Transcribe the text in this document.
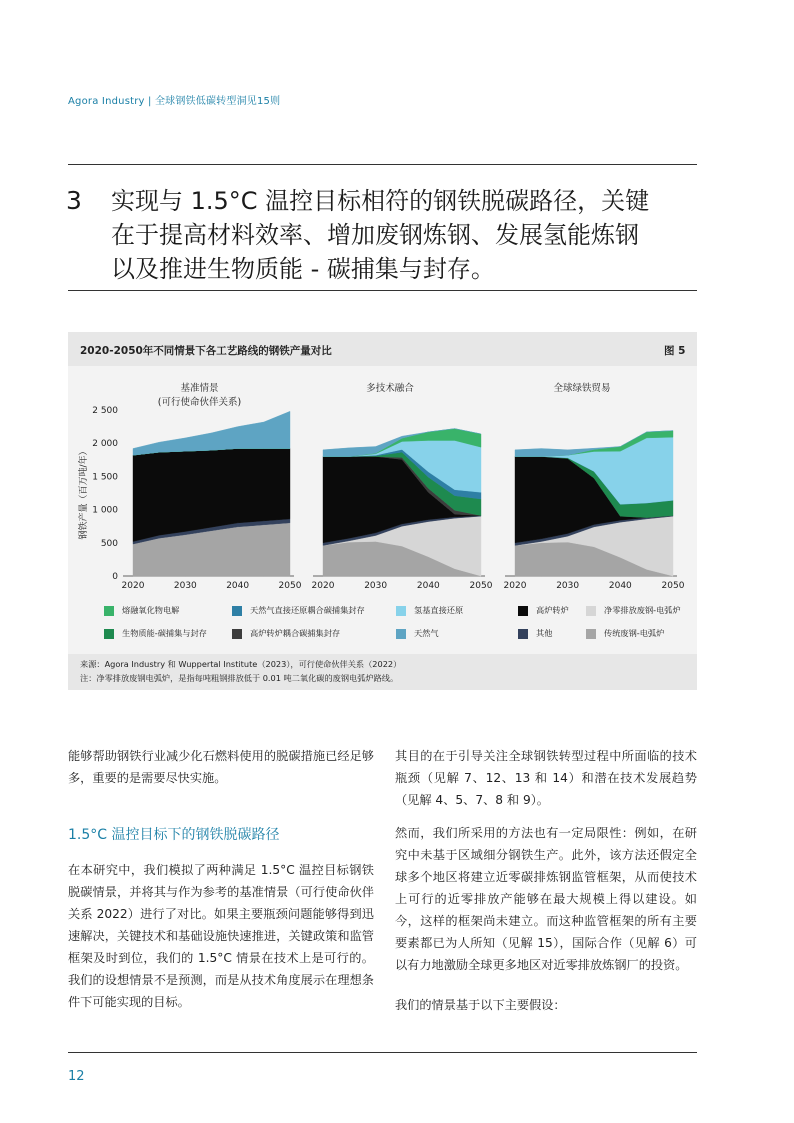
Agora Industry | 全球钢铁低碳转型洞见15则
3 实现与 1.5°C 温控目标相符的钢铁脱碳路径，关键
在于提高材料效率、增加废钢炼钢、发展氢能炼钢
以及推进生物质能 - 碳捕集与封存。
2020-2050年不同情景下各工艺路线的钢铁产量对比	图 5
钢铁产量（百万吨/年）
0
500
1 000
1 500
2 000
2 500
基准情景
(可行使命伙伴关系)
2020	2030	2040	2050
多技术融合
2020	2030	2040	2050
全球绿铁贸易
2020	2030	2040	2050
熔融氧化物电解	天然气直接还原耦合碳捕集封存	氢基直接还原	高炉转炉	净零排放废钢-电弧炉
生物质能-碳捕集与封存	高炉转炉耦合碳捕集封存	天然气	其他	传统废钢-电弧炉
来源：Agora Industry 和 Wuppertal Institute（2023），可行使命伙伴关系（2022）
注：净零排放废钢电弧炉，是指每吨粗钢排放低于 0.01 吨二氧化碳的废钢电弧炉路线。
能够帮助钢铁行业减少化石燃料使用的脱碳措施已经足够多，重要的是需要尽快实施。
1.5°C 温控目标下的钢铁脱碳路径
在本研究中，我们模拟了两种满足 1.5°C 温控目标钢铁脱碳情景，并将其与作为参考的基准情景（可行使命伙伴关系 2022）进行了对比。如果主要瓶颈问题能够得到迅速解决，关键技术和基础设施快速推进，关键政策和监管框架及时到位，我们的 1.5°C 情景在技术上是可行的。我们的设想情景不是预测，而是从技术角度展示在理想条件下可能实现的目标。
其目的在于引导关注全球钢铁转型过程中所面临的技术瓶颈（见解 7、12、13 和 14）和潜在技术发展趋势（见解 4、5、7、8 和 9）。
然而，我们所采用的方法也有一定局限性：例如，在研究中未基于区域细分钢铁生产。此外，该方法还假定全球多个地区将建立近零碳排炼钢监管框架，从而使技术上可行的近零排放产能够在最大规模上得以建设。如今，这样的框架尚未建立。而这种监管框架的所有主要要素都已为人所知（见解 15），国际合作（见解 6）可以有力地激励全球更多地区对近零排放炼钢厂的投资。
我们的情景基于以下主要假设：
12
